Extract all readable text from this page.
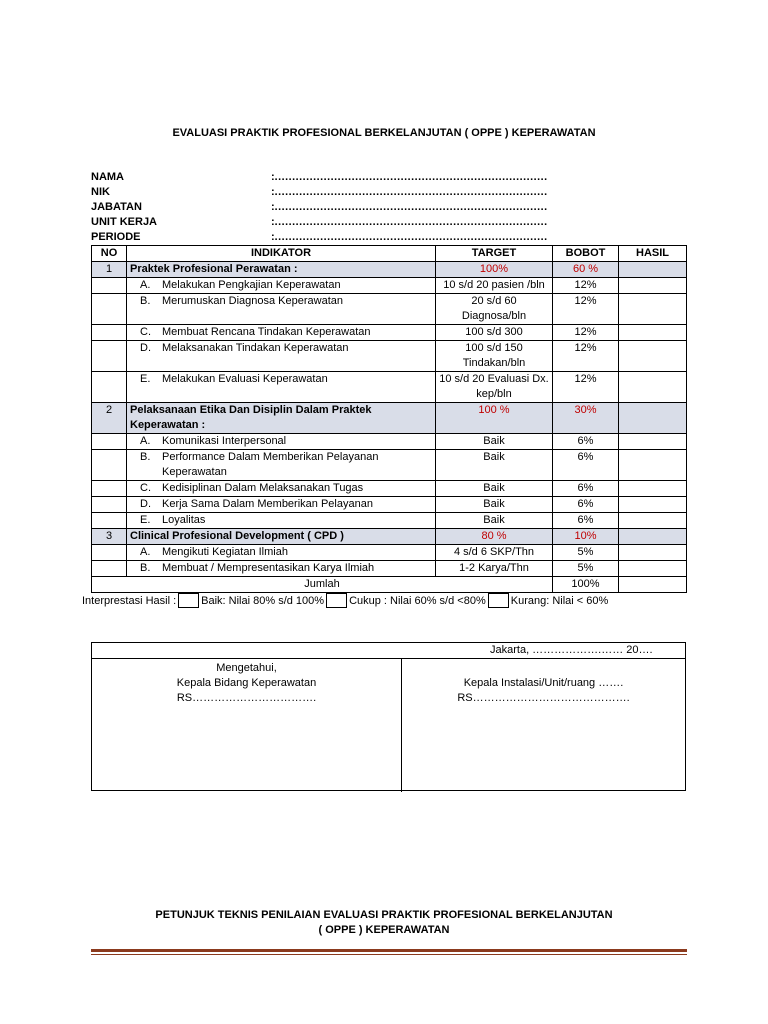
EVALUASI PRAKTIK PROFESIONAL BERKELANJUTAN ( OPPE ) KEPERAWATAN
NAMA	:……………………………………………………………………
NIK	:……………………………………………………………………
JABATAN	:……………………………………………………………………
UNIT KERJA	:……………………………………………………………………
PERIODE	:……………………………………………………………………
NO	INDIKATOR	TARGET	BOBOT	HASIL
1	Praktek Profesional Perawatan :	100%	60 %	

	A. Melakukan Pengkajian Keperawatan	10 s/d 20 pasien /bln	12%	

	B. Merumuskan Diagnosa Keperawatan	20 s/d 60 Diagnosa/bln	12%	

	C. Membuat Rencana Tindakan Keperawatan	100 s/d 300	12%	

	D. Melaksanakan Tindakan Keperawatan	100 s/d 150 Tindakan/bln	12%	

	E. Melakukan Evaluasi Keperawatan	10 s/d 20 Evaluasi Dx. kep/bln	12%	
2	Pelaksanaan Etika Dan Disiplin Dalam Praktek Keperawatan :	100 %	30%	

	A. Komunikasi Interpersonal	Baik	6%	

	B. Performance Dalam Memberikan Pelayanan Keperawatan	Baik	6%	

	C. Kedisiplinan Dalam Melaksanakan Tugas	Baik	6%	

	D. Kerja Sama Dalam Memberikan Pelayanan	Baik	6%	

	E. Loyalitas	Baik	6%	
3	Clinical Profesional Development ( CPD )	80 %	10%	

	A. Mengikuti Kegiatan Ilmiah	4 s/d 6 SKP/Thn	5%	

	B. Membuat / Mempresentasikan Karya Ilmiah	1-2 Karya/Thn	5%	
Jumlah			100%	
Interprestasi Hasil : Baik: Nilai 80% s/d 100% Cukup : Nilai 60% s/d <80% Kurang: Nilai < 60%
Jakarta, ……………….…… 20….
Mengetahui,
Kepala Bidang Keperawatan
RS…………………………….
Kepala Instalasi/Unit/ruang …….
RS…………………………………….
PETUNJUK TEKNIS PENILAIAN EVALUASI PRAKTIK PROFESIONAL BERKELANJUTAN
( OPPE ) KEPERAWATAN
